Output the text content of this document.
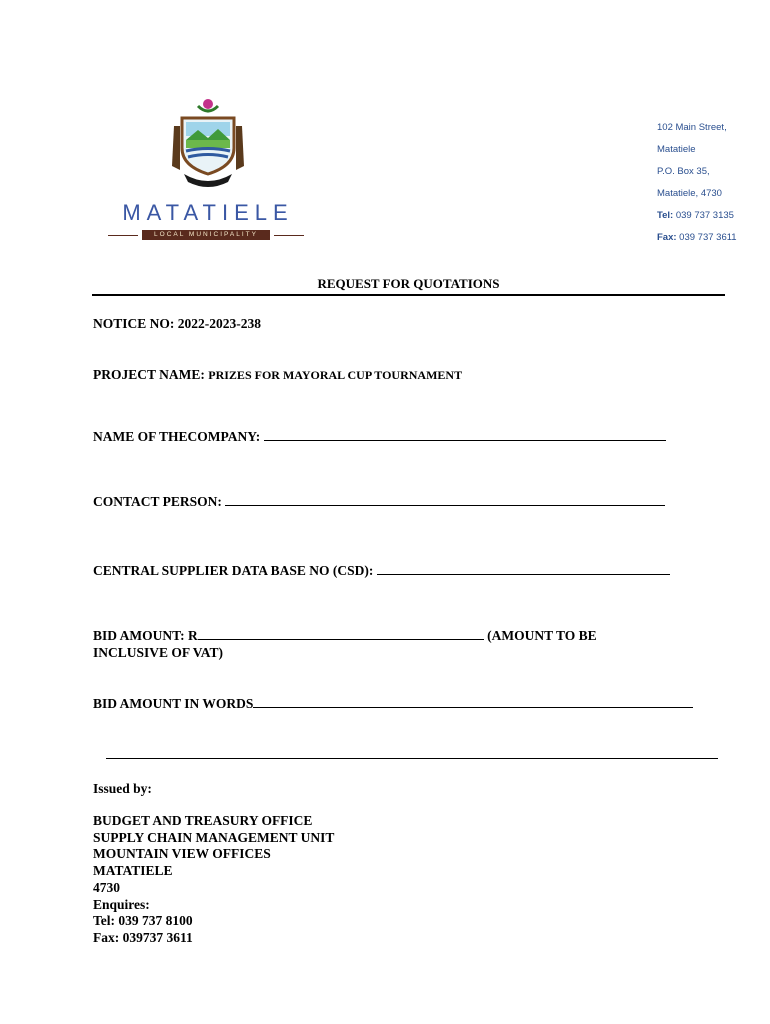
MATATIELE
LOCAL MUNICIPALITY
102 Main Street,
Matatiele
P.O. Box 35,
Matatiele, 4730
Tel: 039 737 3135
Fax: 039 737 3611
REQUEST FOR QUOTATIONS
NOTICE NO: 2022-2023-238
PROJECT NAME: PRIZES FOR MAYORAL CUP TOURNAMENT
NAME OF THECOMPANY:
CONTACT PERSON:
CENTRAL SUPPLIER DATA BASE NO (CSD):
BID AMOUNT: R	(AMOUNT TO BE
INCLUSIVE OF VAT)
BID AMOUNT IN WORDS
Issued by:
BUDGET AND TREASURY OFFICE
SUPPLY CHAIN MANAGEMENT UNIT
MOUNTAIN VIEW OFFICES
MATATIELE
4730
Enquires:
Tel: 039 737 8100
Fax: 039737 3611
